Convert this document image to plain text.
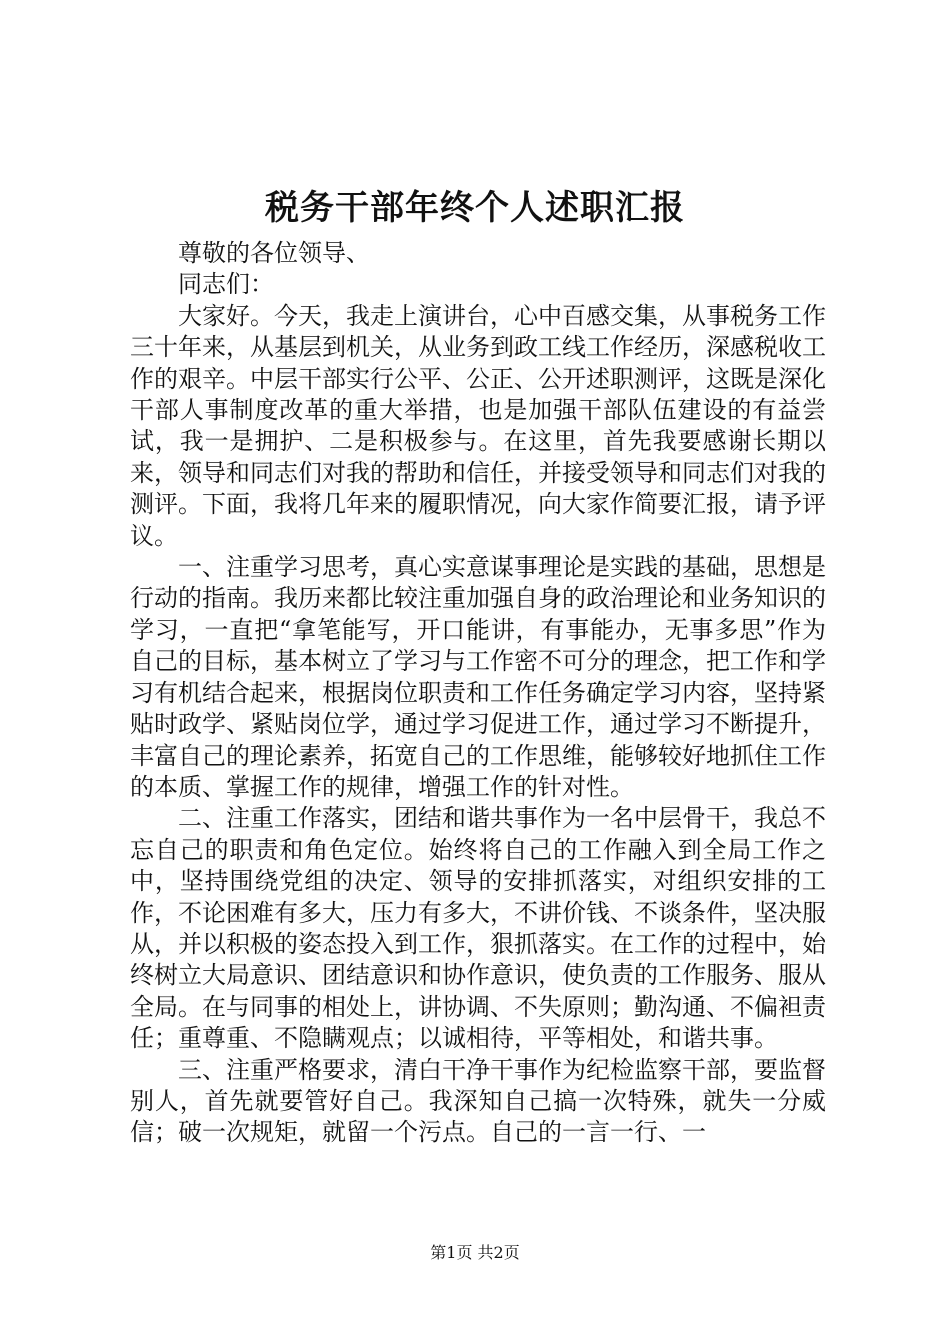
税务干部年终个人述职汇报

尊敬的各位领导、

同志们：

大家好。今天，我走上演讲台，心中百感交集，从事税务工作三十年来，从基层到机关，从业务到政工线工作经历，深感税收工作的艰辛。中层干部实行公平、公正、公开述职测评，这既是深化干部人事制度改革的重大举措，也是加强干部队伍建设的有益尝试，我一是拥护、二是积极参与。在这里，首先我要感谢长期以来，领导和同志们对我的帮助和信任，并接受领导和同志们对我的测评。下面，我将几年来的履职情况，向大家作简要汇报，请予评议。

一、注重学习思考，真心实意谋事理论是实践的基础，思想是行动的指南。我历来都比较注重加强自身的政治理论和业务知识的学习，一直把“拿笔能写，开口能讲，有事能办，无事多思”作为自己的目标，基本树立了学习与工作密不可分的理念，把工作和学习有机结合起来，根据岗位职责和工作任务确定学习内容，坚持紧贴时政学、紧贴岗位学，通过学习促进工作，通过学习不断提升，丰富自己的理论素养，拓宽自己的工作思维，能够较好地抓住工作的本质、掌握工作的规律，增强工作的针对性。

二、注重工作落实，团结和谐共事作为一名中层骨干，我总不忘自己的职责和角色定位。始终将自己的工作融入到全局工作之中，坚持围绕党组的决定、领导的安排抓落实，对组织安排的工作，不论困难有多大，压力有多大，不讲价钱、不谈条件，坚决服从，并以积极的姿态投入到工作，狠抓落实。在工作的过程中，始终树立大局意识、团结意识和协作意识，使负责的工作服务、服从全局。在与同事的相处上，讲协调、不失原则；勤沟通、不偏袒责任；重尊重、不隐瞒观点；以诚相待，平等相处，和谐共事。

三、注重严格要求，清白干净干事作为纪检监察干部，要监督别人，首先就要管好自己。我深知自己搞一次特殊，就失一分威信；破一次规矩，就留一个污点。自己的一言一行、一

第1页 共2页
